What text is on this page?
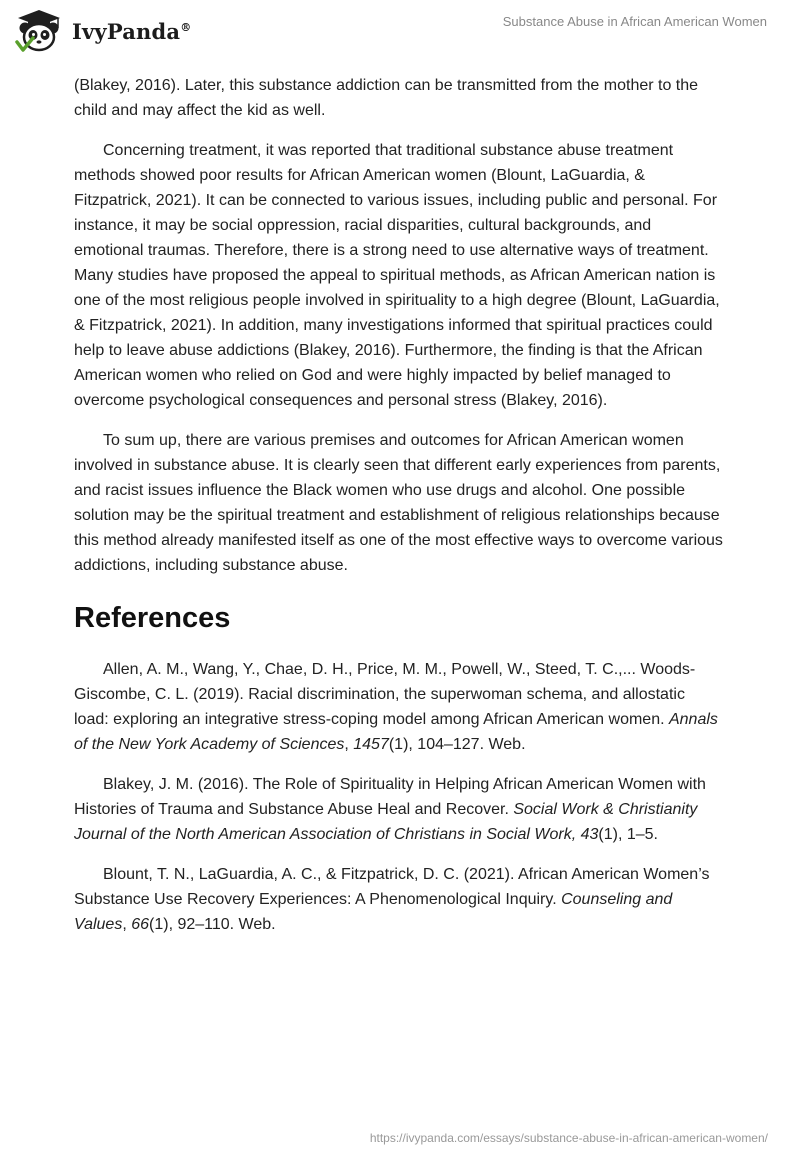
IvyPanda®	Substance Abuse in African American Women

(Blakey, 2016). Later, this substance addiction can be transmitted from the mother to the child and may affect the kid as well.

Concerning treatment, it was reported that traditional substance abuse treatment methods showed poor results for African American women (Blount, LaGuardia, & Fitzpatrick, 2021). It can be connected to various issues, including public and personal. For instance, it may be social oppression, racial disparities, cultural backgrounds, and emotional traumas. Therefore, there is a strong need to use alternative ways of treatment. Many studies have proposed the appeal to spiritual methods, as African American nation is one of the most religious people involved in spirituality to a high degree (Blount, LaGuardia, & Fitzpatrick, 2021). In addition, many investigations informed that spiritual practices could help to leave abuse addictions (Blakey, 2016). Furthermore, the finding is that the African American women who relied on God and were highly impacted by belief managed to overcome psychological consequences and personal stress (Blakey, 2016).

To sum up, there are various premises and outcomes for African American women involved in substance abuse. It is clearly seen that different early experiences from parents, and racist issues influence the Black women who use drugs and alcohol. One possible solution may be the spiritual treatment and establishment of religious relationships because this method already manifested itself as one of the most effective ways to overcome various addictions, including substance abuse.

References

Allen, A. M., Wang, Y., Chae, D. H., Price, M. M., Powell, W., Steed, T. C.,... Woods-Giscombe, C. L. (2019). Racial discrimination, the superwoman schema, and allostatic load: exploring an integrative stress-coping model among African American women. Annals of the New York Academy of Sciences, 1457(1), 104–127. Web.

Blakey, J. M. (2016). The Role of Spirituality in Helping African American Women with Histories of Trauma and Substance Abuse Heal and Recover. Social Work & Christianity Journal of the North American Association of Christians in Social Work, 43(1), 1–5.

Blount, T. N., LaGuardia, A. C., & Fitzpatrick, D. C. (2021). African American Women’s Substance Use Recovery Experiences: A Phenomenological Inquiry. Counseling and Values, 66(1), 92–110. Web.

https://ivypanda.com/essays/substance-abuse-in-african-american-women/
